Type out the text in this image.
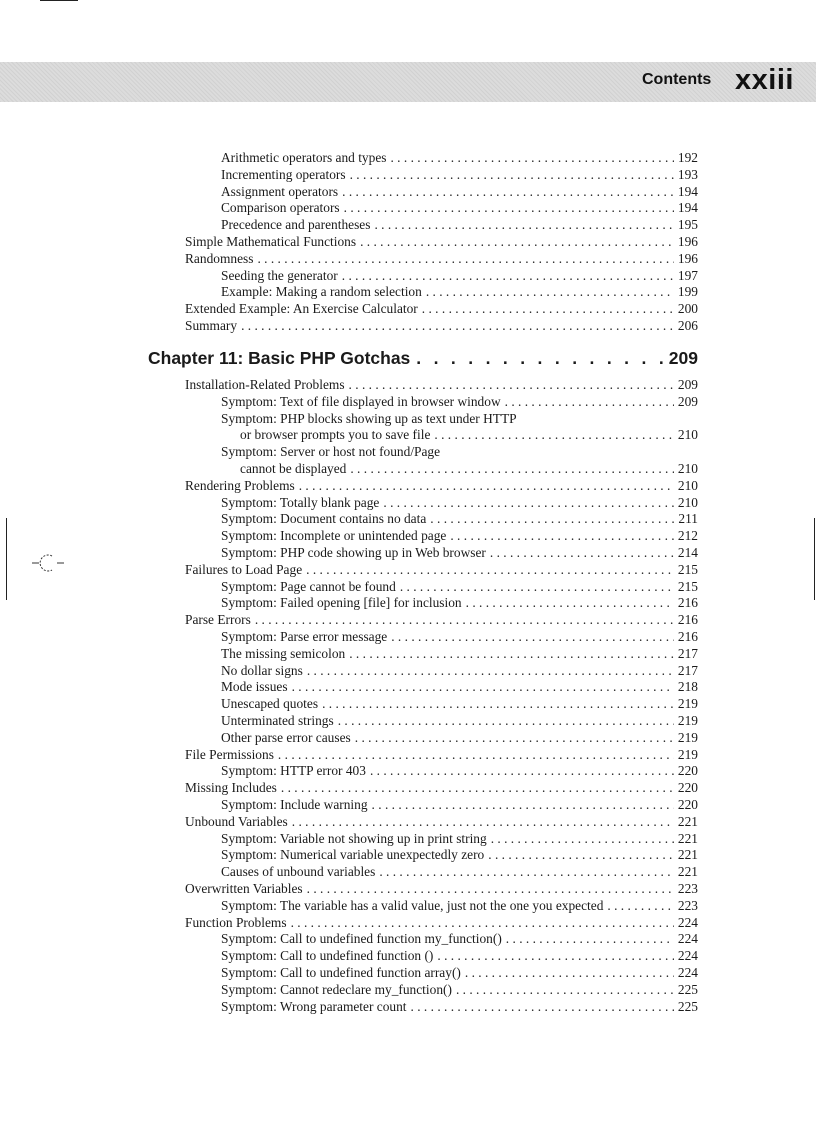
Contents xxiii
Arithmetic operators and types . . .	192
Incrementing operators . . .	193
Assignment operators . . .	194
Comparison operators . . .	194
Precedence and parentheses . . .	195
Simple Mathematical Functions . . .	196
Randomness . . .	196
Seeding the generator . . .	197
Example: Making a random selection . . .	199
Extended Example: An Exercise Calculator . . .	200
Summary . . .	206
Chapter 11: Basic PHP Gotchas . . .	209
Installation-Related Problems . . .	209
Symptom: Text of file displayed in browser window . . .	209
Symptom: PHP blocks showing up as text under HTTP
or browser prompts you to save file . . .	210
Symptom: Server or host not found/Page
cannot be displayed . . .	210
Rendering Problems . . .	210
Symptom: Totally blank page . . .	210
Symptom: Document contains no data . . .	211
Symptom: Incomplete or unintended page . . .	212
Symptom: PHP code showing up in Web browser . . .	214
Failures to Load Page . . .	215
Symptom: Page cannot be found . . .	215
Symptom: Failed opening [file] for inclusion . . .	216
Parse Errors . . .	216
Symptom: Parse error message . . .	216
The missing semicolon . . .	217
No dollar signs . . .	217
Mode issues . . .	218
Unescaped quotes . . .	219
Unterminated strings . . .	219
Other parse error causes . . .	219
File Permissions . . .	219
Symptom: HTTP error 403 . . .	220
Missing Includes . . .	220
Symptom: Include warning . . .	220
Unbound Variables . . .	221
Symptom: Variable not showing up in print string . . .	221
Symptom: Numerical variable unexpectedly zero . . .	221
Causes of unbound variables . . .	221
Overwritten Variables . . .	223
Symptom: The variable has a valid value, just not the one you expected . . .	223
Function Problems . . .	224
Symptom: Call to undefined function my_function() . . .	224
Symptom: Call to undefined function () . . .	224
Symptom: Call to undefined function array() . . .	224
Symptom: Cannot redeclare my_function() . . .	225
Symptom: Wrong parameter count . . .	225
